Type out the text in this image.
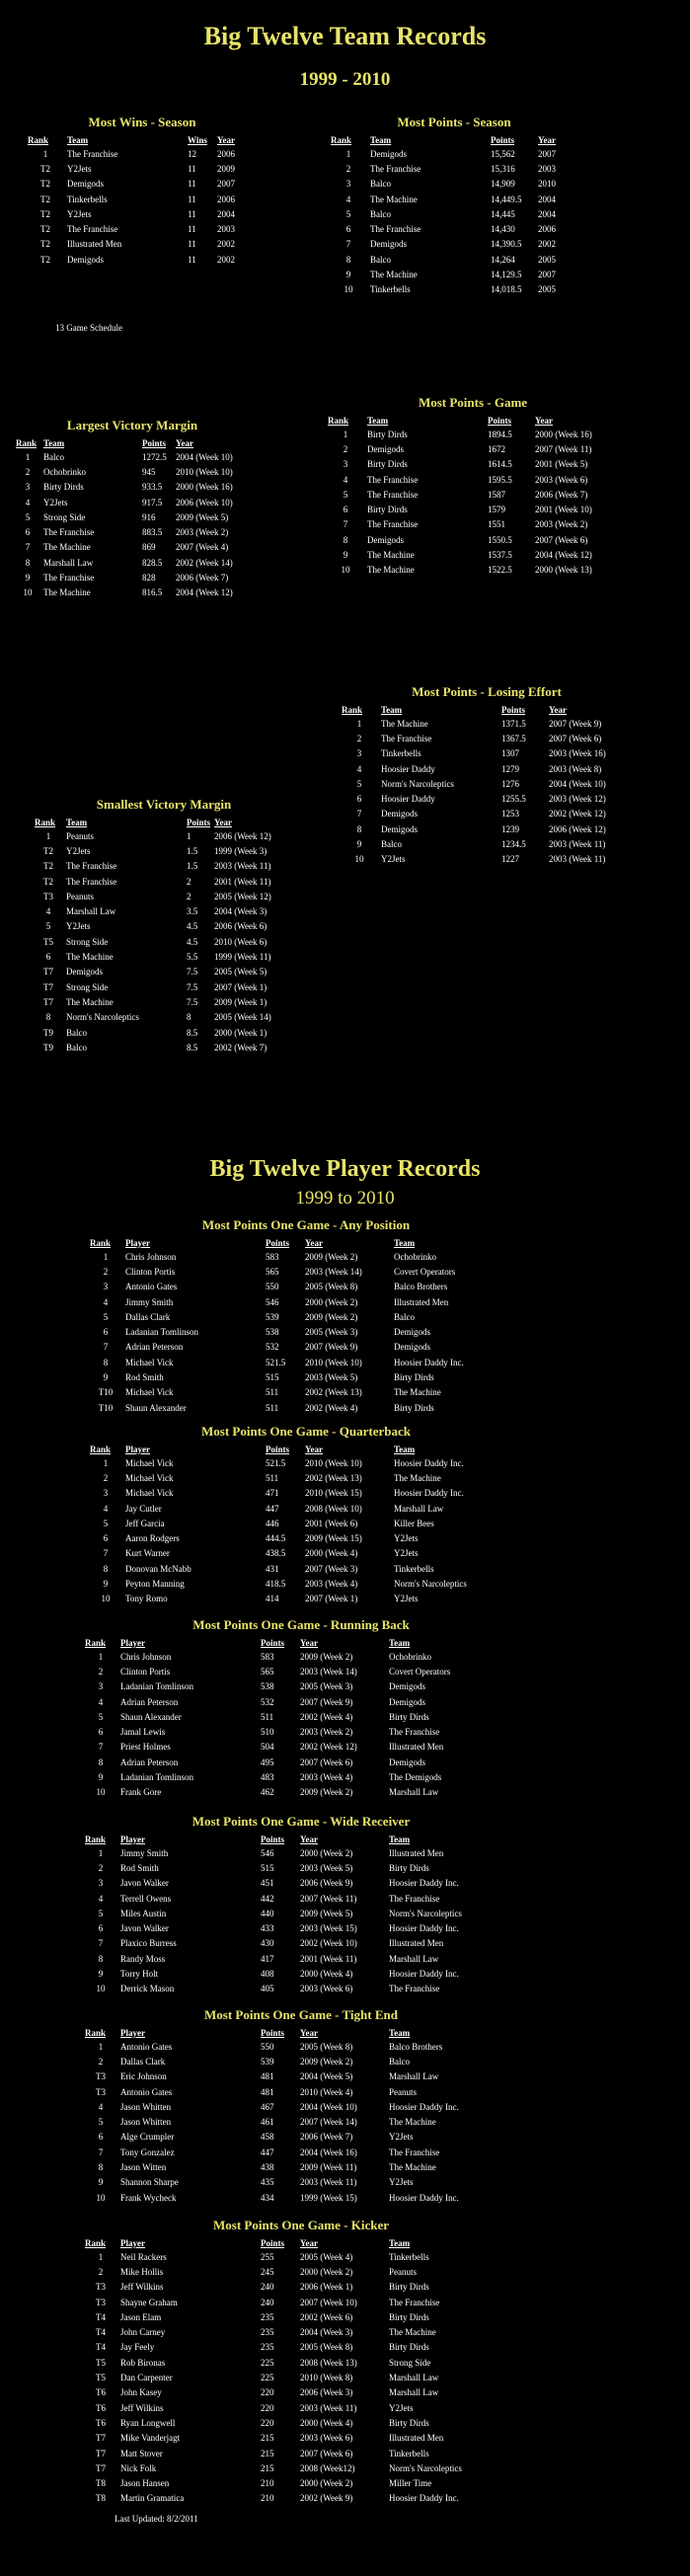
Big Twelve Team Records
1999 - 2010
Most Wins - Season
Rank	Team	Wins	Year
1	The Franchise	12	2006
T2	Y2Jets	11	2009
T2	Demigods	11	2007
T2	Tinkerbells	11	2006
T2	Y2Jets	11	2004
T2	The Franchise	11	2003
T2	Illustrated Men	11	2002
T2	Demigods	11	2002
13 Game Schedule
Most Points - Season
Rank	Team	Points	Year
1	Demigods	15,562	2007
2	The Franchise	15,316	2003
3	Balco	14,909	2010
4	The Machine	14,449.5	2004
5	Balco	14,445	2004
6	The Franchise	14,430	2006
7	Demigods	14,390.5	2002
8	Balco	14,264	2005
9	The Machine	14,129.5	2007
10	Tinkerbells	14,018.5	2005
Most Points - Game
Rank	Team	Points	Year
1	Birty Dirds	1894.5	2000 (Week 16)
2	Demigods	1672	2007 (Week 11)
3	Birty Dirds	1614.5	2001 (Week 5)
4	The Franchise	1595.5	2003 (Week 6)
5	The Franchise	1587	2006 (Week 7)
6	Birty Dirds	1579	2001 (Week 10)
7	The Franchise	1551	2003 (Week 2)
8	Demigods	1550.5	2007 (Week 6)
9	The Machine	1537.5	2004 (Week 12)
10	The Machine	1522.5	2000 (Week 13)
Largest Victory Margin
Rank	Team	Points	Year
1	Balco	1272.5	2004 (Week 10)
2	Ochobrinko	945	2010 (Week 10)
3	Birty Dirds	933.5	2000 (Week 16)
4	Y2Jets	917.5	2006 (Week 10)
5	Strong Side	916	2009 (Week 5)
6	The Franchise	883.5	2003 (Week 2)
7	The Machine	869	2007 (Week 4)
8	Marshall Law	828.5	2002 (Week 14)
9	The Franchise	828	2006 (Week 7)
10	The Machine	816.5	2004 (Week 12)
Most Points - Losing Effort
Rank	Team	Points	Year
1	The Machine	1371.5	2007 (Week 9)
2	The Franchise	1367.5	2007 (Week 6)
3	Tinkerbells	1307	2003 (Week 16)
4	Hoosier Daddy	1279	2003 (Week 8)
5	Norm's Narcoleptics	1276	2004 (Week 10)
6	Hoosier Daddy	1255.5	2003 (Week 12)
7	Demigods	1253	2002 (Week 12)
8	Demigods	1239	2006 (Week 12)
9	Balco	1234.5	2003 (Week 11)
10	Y2Jets	1227	2003 (Week 11)
Smallest Victory Margin
Rank	Team	Points	Year
1	Peanuts	1	2006 (Week 12)
T2	Y2Jets	1.5	1999 (Week 3)
T2	The Franchise	1.5	2003 (Week 11)
T2	The Franchise	2	2001 (Week 11)
T3	Peanuts	2	2005 (Week 12)
4	Marshall Law	3.5	2004 (Week 3)
5	Y2Jets	4.5	2006 (Week 6)
T5	Strong Side	4.5	2010 (Week 6)
6	The Machine	5.5	1999 (Week 11)
T7	Demigods	7.5	2005 (Week 5)
T7	Strong Side	7.5	2007 (Week 1)
T7	The Machine	7.5	2009 (Week 1)
8	Norm's Narcoleptics	8	2005 (Week 14)
T9	Balco	8.5	2000 (Week 1)
T9	Balco	8.5	2002 (Week 7)
Big Twelve Player Records
1999 to 2010
Most Points One Game - Any Position
Rank	Player	Points	Year	Team
1	Chris Johnson	583	2009 (Week 2)	Ochobrinko
2	Clinton Portis	565	2003 (Week 14)	Covert Operators
3	Antonio Gates	550	2005 (Week 8)	Balco Brothers
4	Jimmy Smith	546	2000 (Week 2)	Illustrated Men
5	Dallas Clark	539	2009 (Week 2)	Balco
6	Ladanian Tomlinson	538	2005 (Week 3)	Demigods
7	Adrian Peterson	532	2007 (Week 9)	Demigods
8	Michael Vick	521.5	2010 (Week 10)	Hoosier Daddy Inc.
9	Rod Smith	515	2003 (Week 5)	Birty Dirds
T10	Michael Vick	511	2002 (Week 13)	The Machine
T10	Shaun Alexander	511	2002 (Week 4)	Birty Dirds
Most Points One Game - Quarterback
Rank	Player	Points	Year	Team
1	Michael Vick	521.5	2010 (Week 10)	Hoosier Daddy Inc.
2	Michael Vick	511	2002 (Week 13)	The Machine
3	Michael Vick	471	2010 (Week 15)	Hoosier Daddy Inc.
4	Jay Cutler	447	2008 (Week 10)	Marshall Law
5	Jeff Garcia	446	2001 (Week 6)	Killer Bees
6	Aaron Rodgers	444.5	2009 (Week 15)	Y2Jets
7	Kurt Warner	438.5	2000 (Week 4)	Y2Jets
8	Donovan McNabb	431	2007 (Week 3)	Tinkerbells
9	Peyton Manning	418.5	2003 (Week 4)	Norm's Narcoleptics
10	Tony Romo	414	2007 (Week 1)	Y2Jets
Most Points One Game - Running Back
Rank	Player	Points	Year	Team
1	Chris Johnson	583	2009 (Week 2)	Ochobrinko
2	Clinton Portis	565	2003 (Week 14)	Covert Operators
3	Ladanian Tomlinson	538	2005 (Week 3)	Demigods
4	Adrian Peterson	532	2007 (Week 9)	Demigods
5	Shaun Alexander	511	2002 (Week 4)	Birty Dirds
6	Jamal Lewis	510	2003 (Week 2)	The Franchise
7	Priest Holmes	504	2002 (Week 12)	Illustrated Men
8	Adrian Peterson	495	2007 (Week 6)	Demigods
9	Ladanian Tomlinson	483	2003 (Week 4)	The Demigods
10	Frank Gore	462	2009 (Week 2)	Marshall Law
Most Points One Game - Wide Receiver
Rank	Player	Points	Year	Team
1	Jimmy Smith	546	2000 (Week 2)	Illustrated Men
2	Rod Smith	515	2003 (Week 5)	Birty Dirds
3	Javon Walker	451	2006 (Week 9)	Hoosier Daddy Inc.
4	Terrell Owens	442	2007 (Week 11)	The Franchise
5	Miles Austin	440	2009 (Week 5)	Norm's Narcoleptics
6	Javon Walker	433	2003 (Week 15)	Hoosier Daddy Inc.
7	Plaxico Burress	430	2002 (Week 10)	Illustrated Men
8	Randy Moss	417	2001 (Week 11)	Marshall Law
9	Torry Holt	408	2000 (Week 4)	Hoosier Daddy Inc.
10	Derrick Mason	405	2003 (Week 6)	The Franchise
Most Points One Game - Tight End
Rank	Player	Points	Year	Team
1	Antonio Gates	550	2005 (Week 8)	Balco Brothers
2	Dallas Clark	539	2009 (Week 2)	Balco
T3	Eric Johnson	481	2004 (Week 5)	Marshall Law
T3	Antonio Gates	481	2010 (Week 4)	Peanuts
4	Jason Whitten	467	2004 (Week 10)	Hoosier Daddy Inc.
5	Jason Whitten	461	2007 (Week 14)	The Machine
6	Alge Crumpler	458	2006 (Week 7)	Y2Jets
7	Tony Gonzalez	447	2004 (Week 16)	The Franchise
8	Jason Witten	438	2009 (Week 11)	The Machine
9	Shannon Sharpe	435	2003 (Week 11)	Y2Jets
10	Frank Wycheck	434	1999 (Week 15)	Hoosier Daddy Inc.
Most Points One Game - Kicker
Rank	Player	Points	Year	Team
1	Neil Rackers	255	2005 (Week 4)	Tinkerbells
2	Mike Hollis	245	2000 (Week 2)	Peanuts
T3	Jeff Wilkins	240	2006 (Week 1)	Birty Dirds
T3	Shayne Graham	240	2007 (Week 10)	The Franchise
T4	Jason Elam	235	2002 (Week 6)	Birty Dirds
T4	John Carney	235	2004 (Week 3)	The Machine
T4	Jay Feely	235	2005 (Week 8)	Birty Dirds
T5	Rob Bironas	225	2008 (Week 13)	Strong Side
T5	Dan Carpenter	225	2010 (Week 8)	Marshall Law
T6	John Kasey	220	2006 (Week 3)	Marshall Law
T6	Jeff Wilkins	220	2003 (Week 11)	Y2Jets
T6	Ryan Longwell	220	2000 (Week 4)	Birty Dirds
T7	Mike Vanderjagt	215	2003 (Week 6)	Illustrated Men
T7	Matt Stover	215	2007 (Week 6)	Tinkerbells
T7	Nick Folk	215	2008 (Week12)	Norm's Narcoleptics
T8	Jason Hansen	210	2000 (Week 2)	Miller Time
T8	Martin Gramatica	210	2002 (Week 9)	Hoosier Daddy Inc.
Last Updated: 8/2/2011
